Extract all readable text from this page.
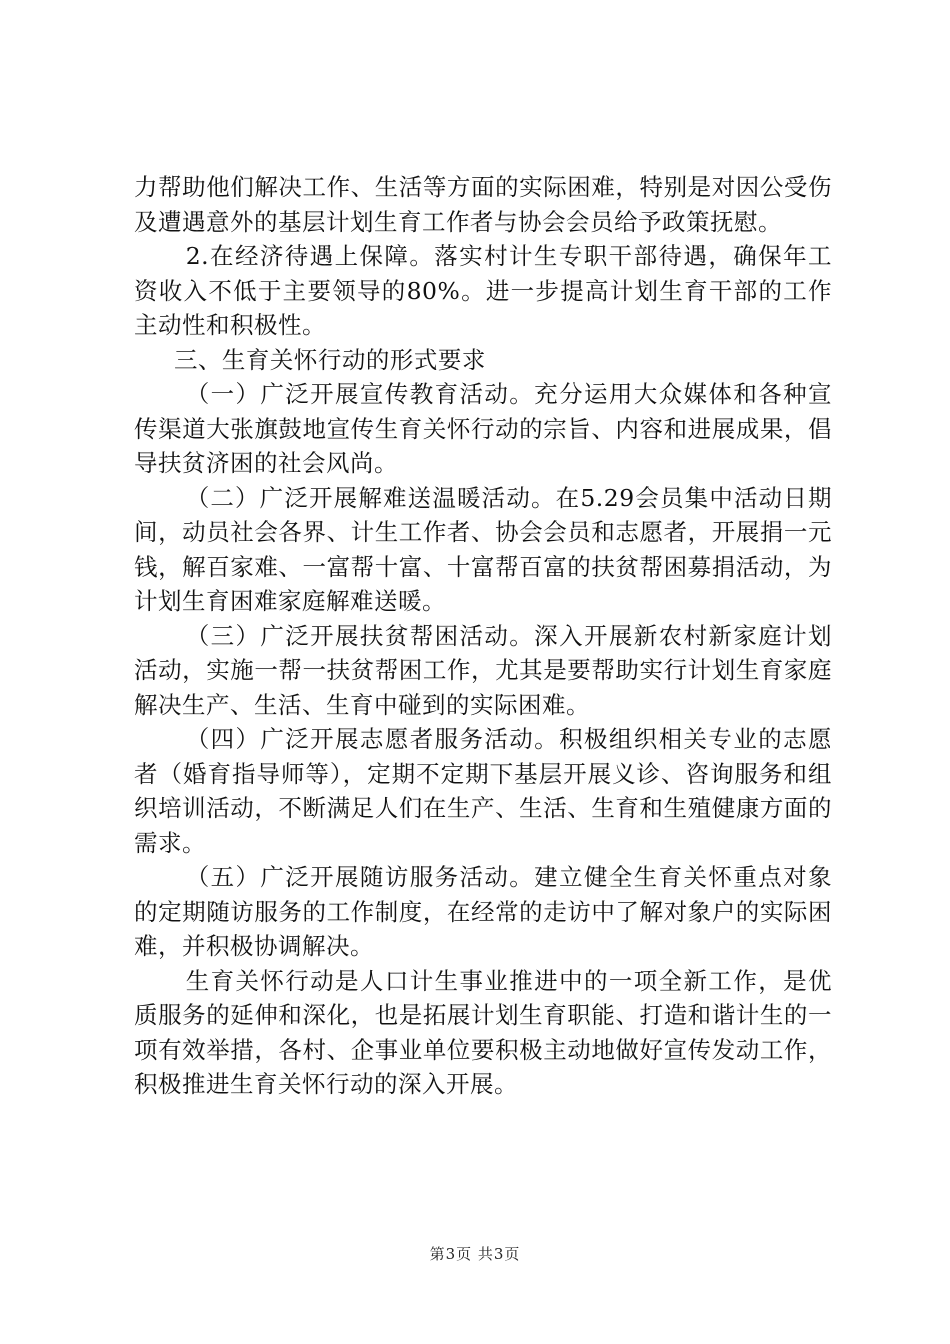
力帮助他们解决工作、生活等方面的实际困难，特别是对因公受伤及遭遇意外的基层计划生育工作者与协会会员给予政策抚慰。

2.在经济待遇上保障。落实村计生专职干部待遇，确保年工资收入不低于主要领导的80%。进一步提高计划生育干部的工作主动性和积极性。

三、生育关怀行动的形式要求

（一）广泛开展宣传教育活动。充分运用大众媒体和各种宣传渠道大张旗鼓地宣传生育关怀行动的宗旨、内容和进展成果，倡导扶贫济困的社会风尚。

（二）广泛开展解难送温暖活动。在5.29会员集中活动日期间，动员社会各界、计生工作者、协会会员和志愿者，开展捐一元钱，解百家难、一富帮十富、十富帮百富的扶贫帮困募捐活动，为计划生育困难家庭解难送暖。

（三）广泛开展扶贫帮困活动。深入开展新农村新家庭计划活动，实施一帮一扶贫帮困工作，尤其是要帮助实行计划生育家庭解决生产、生活、生育中碰到的实际困难。

（四）广泛开展志愿者服务活动。积极组织相关专业的志愿者（婚育指导师等），定期不定期下基层开展义诊、咨询服务和组织培训活动，不断满足人们在生产、生活、生育和生殖健康方面的需求。

（五）广泛开展随访服务活动。建立健全生育关怀重点对象的定期随访服务的工作制度，在经常的走访中了解对象户的实际困难，并积极协调解决。

生育关怀行动是人口计生事业推进中的一项全新工作，是优质服务的延伸和深化，也是拓展计划生育职能、打造和谐计生的一项有效举措，各村、企事业单位要积极主动地做好宣传发动工作，积极推进生育关怀行动的深入开展。

第3页 共3页
